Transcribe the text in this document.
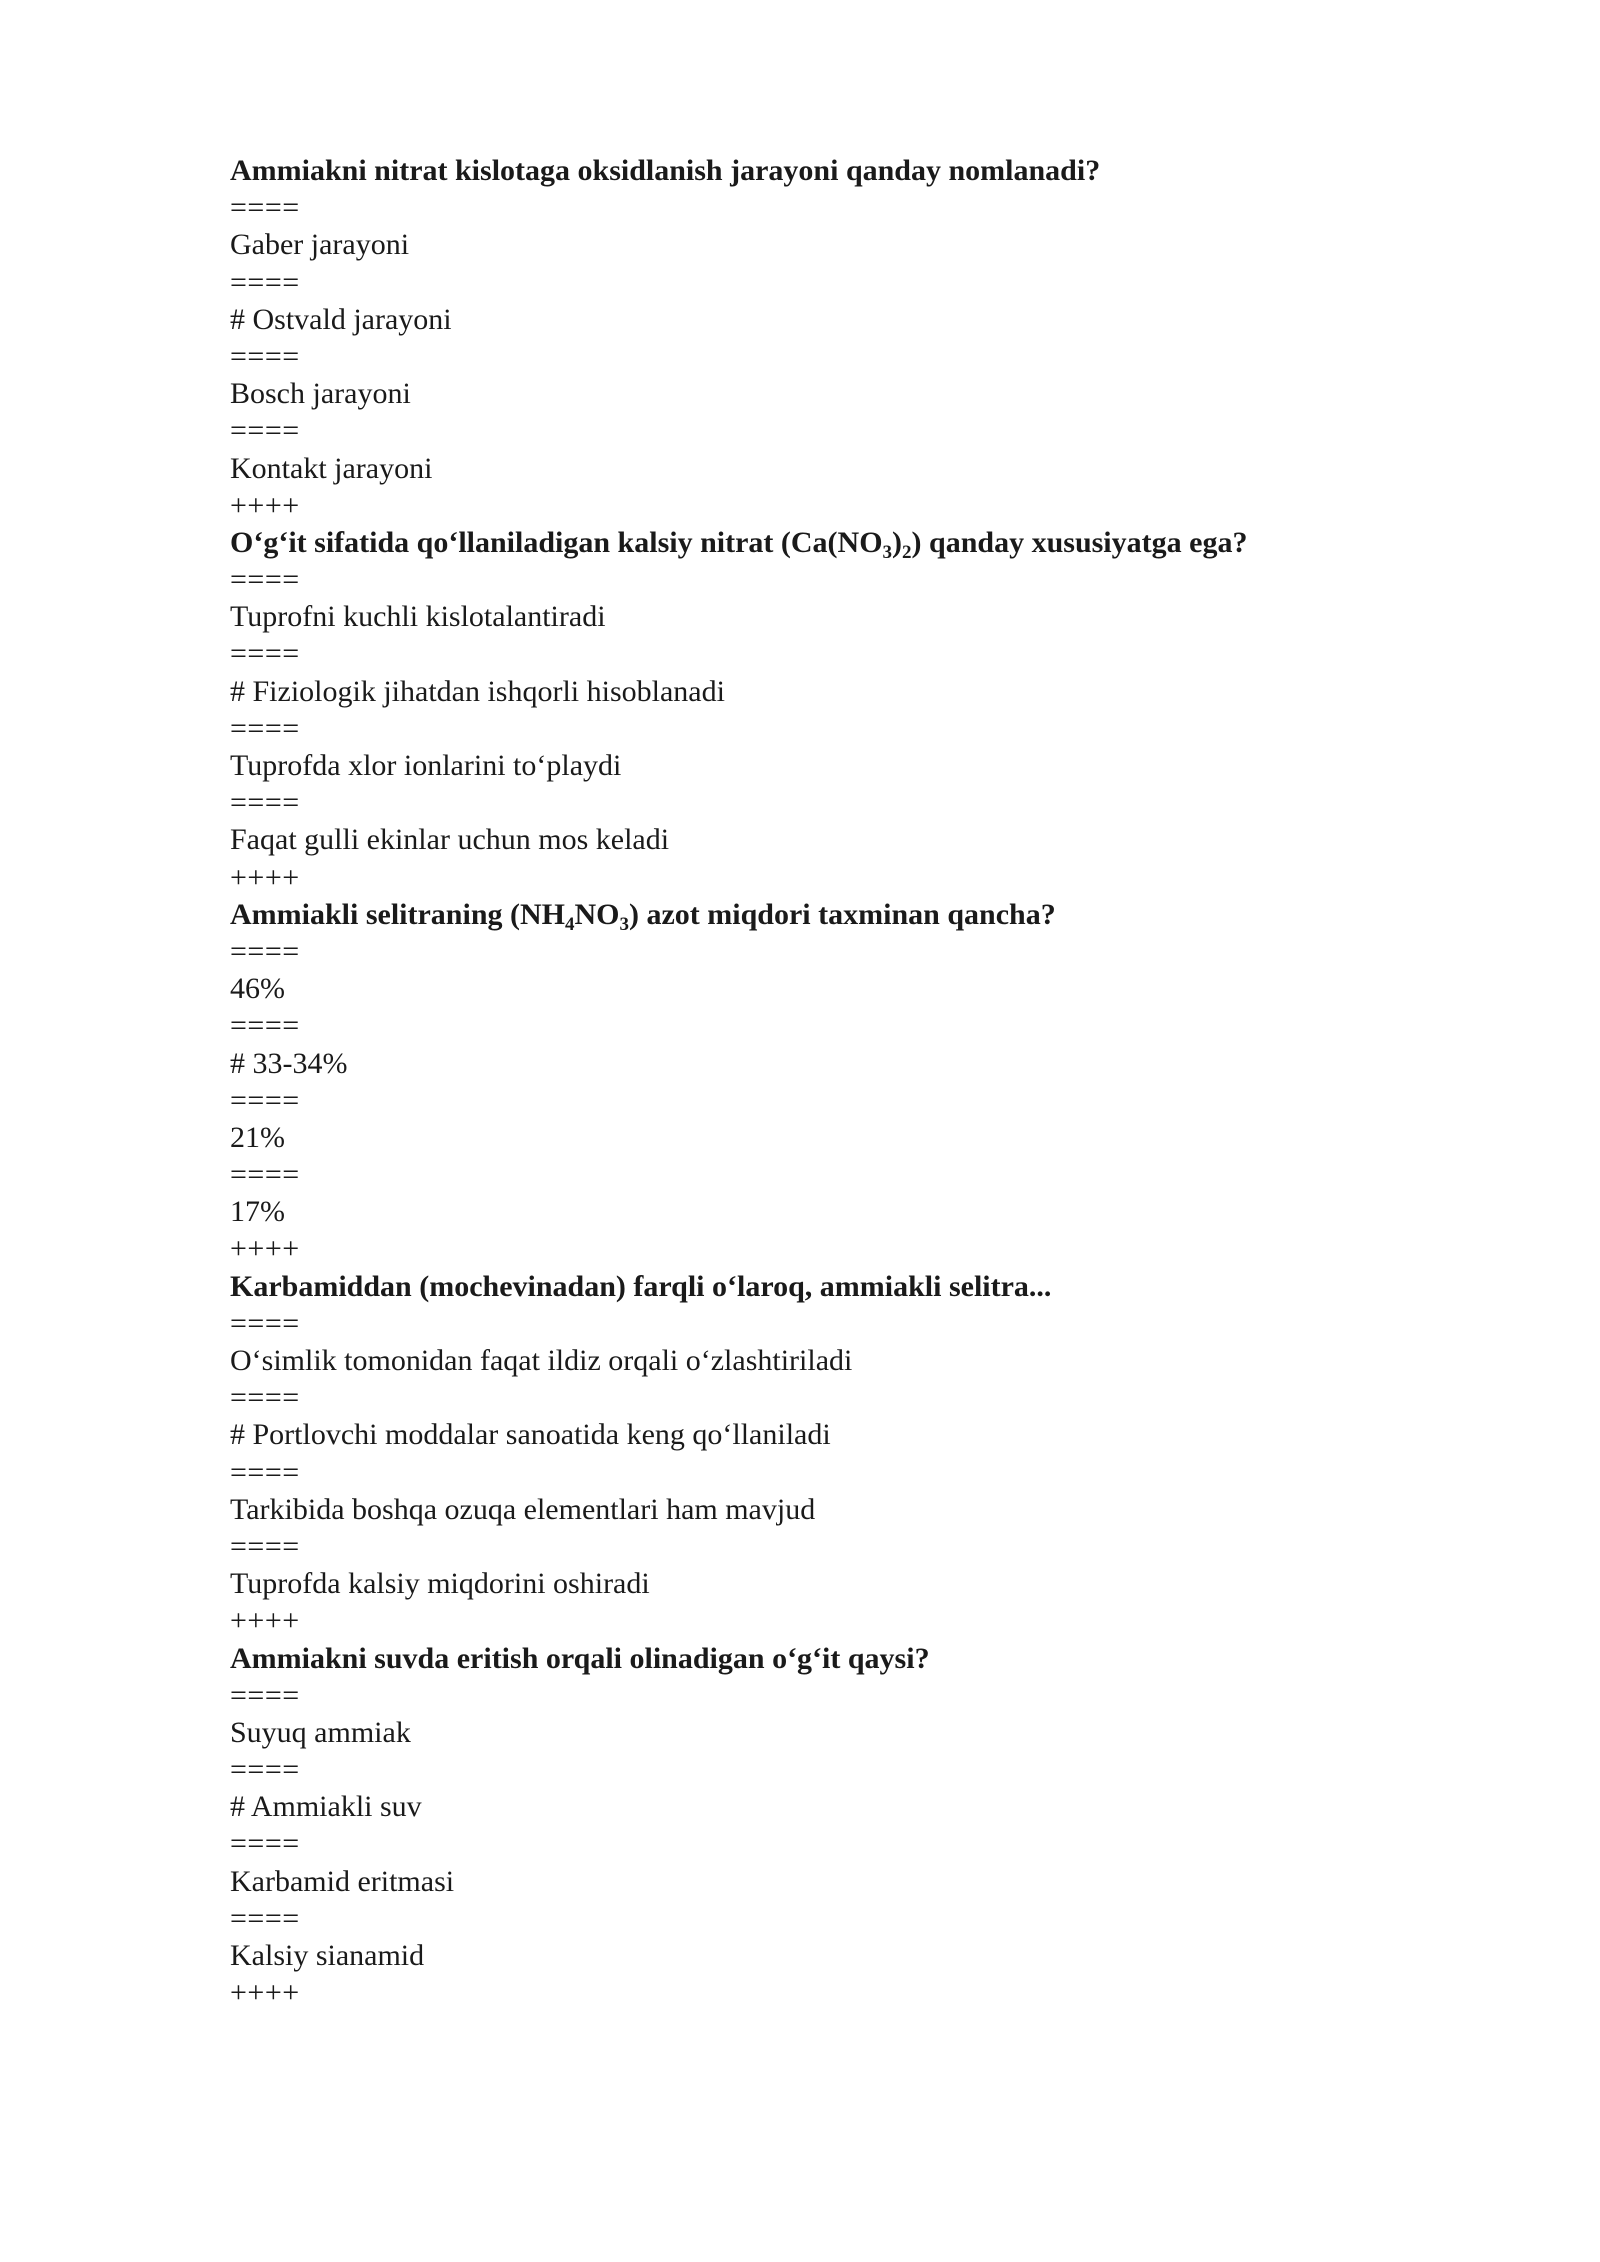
Ammiakni nitrat kislotaga oksidlanish jarayoni qanday nomlanadi?
====
Gaber jarayoni
====
# Ostvald jarayoni
====
Bosch jarayoni
====
Kontakt jarayoni
++++
O‘g‘it sifatida qo‘llaniladigan kalsiy nitrat $(Ca(NO_3)_2)$ qanday xususiyatga ega?
====
Tuprofni kuchli kislotalantiradi
====
# Fiziologik jihatdan ishqorli hisoblanadi
====
Tuprofda xlor ionlarini to‘playdi
====
Faqat gulli ekinlar uchun mos keladi
++++
Ammiakli selitraning $(NH_4NO_3)$ azot miqdori taxminan qancha?
====
46%
====
# 33-34%
====
21%
====
17%
++++
Karbamiddan (mochevinadan) farqli o‘laroq, ammiakli selitra...
====
O‘simlik tomonidan faqat ildiz orqali o‘zlashtiriladi
====
# Portlovchi moddalar sanoatida keng qo‘llaniladi
====
Tarkibida boshqa ozuqa elementlari ham mavjud
====
Tuprofda kalsiy miqdorini oshiradi
++++
Ammiakni suvda eritish orqali olinadigan o‘g‘it qaysi?
====
Suyuq ammiak
====
# Ammiakli suv
====
Karbamid eritmasi
====
Kalsiy sianamid
++++
